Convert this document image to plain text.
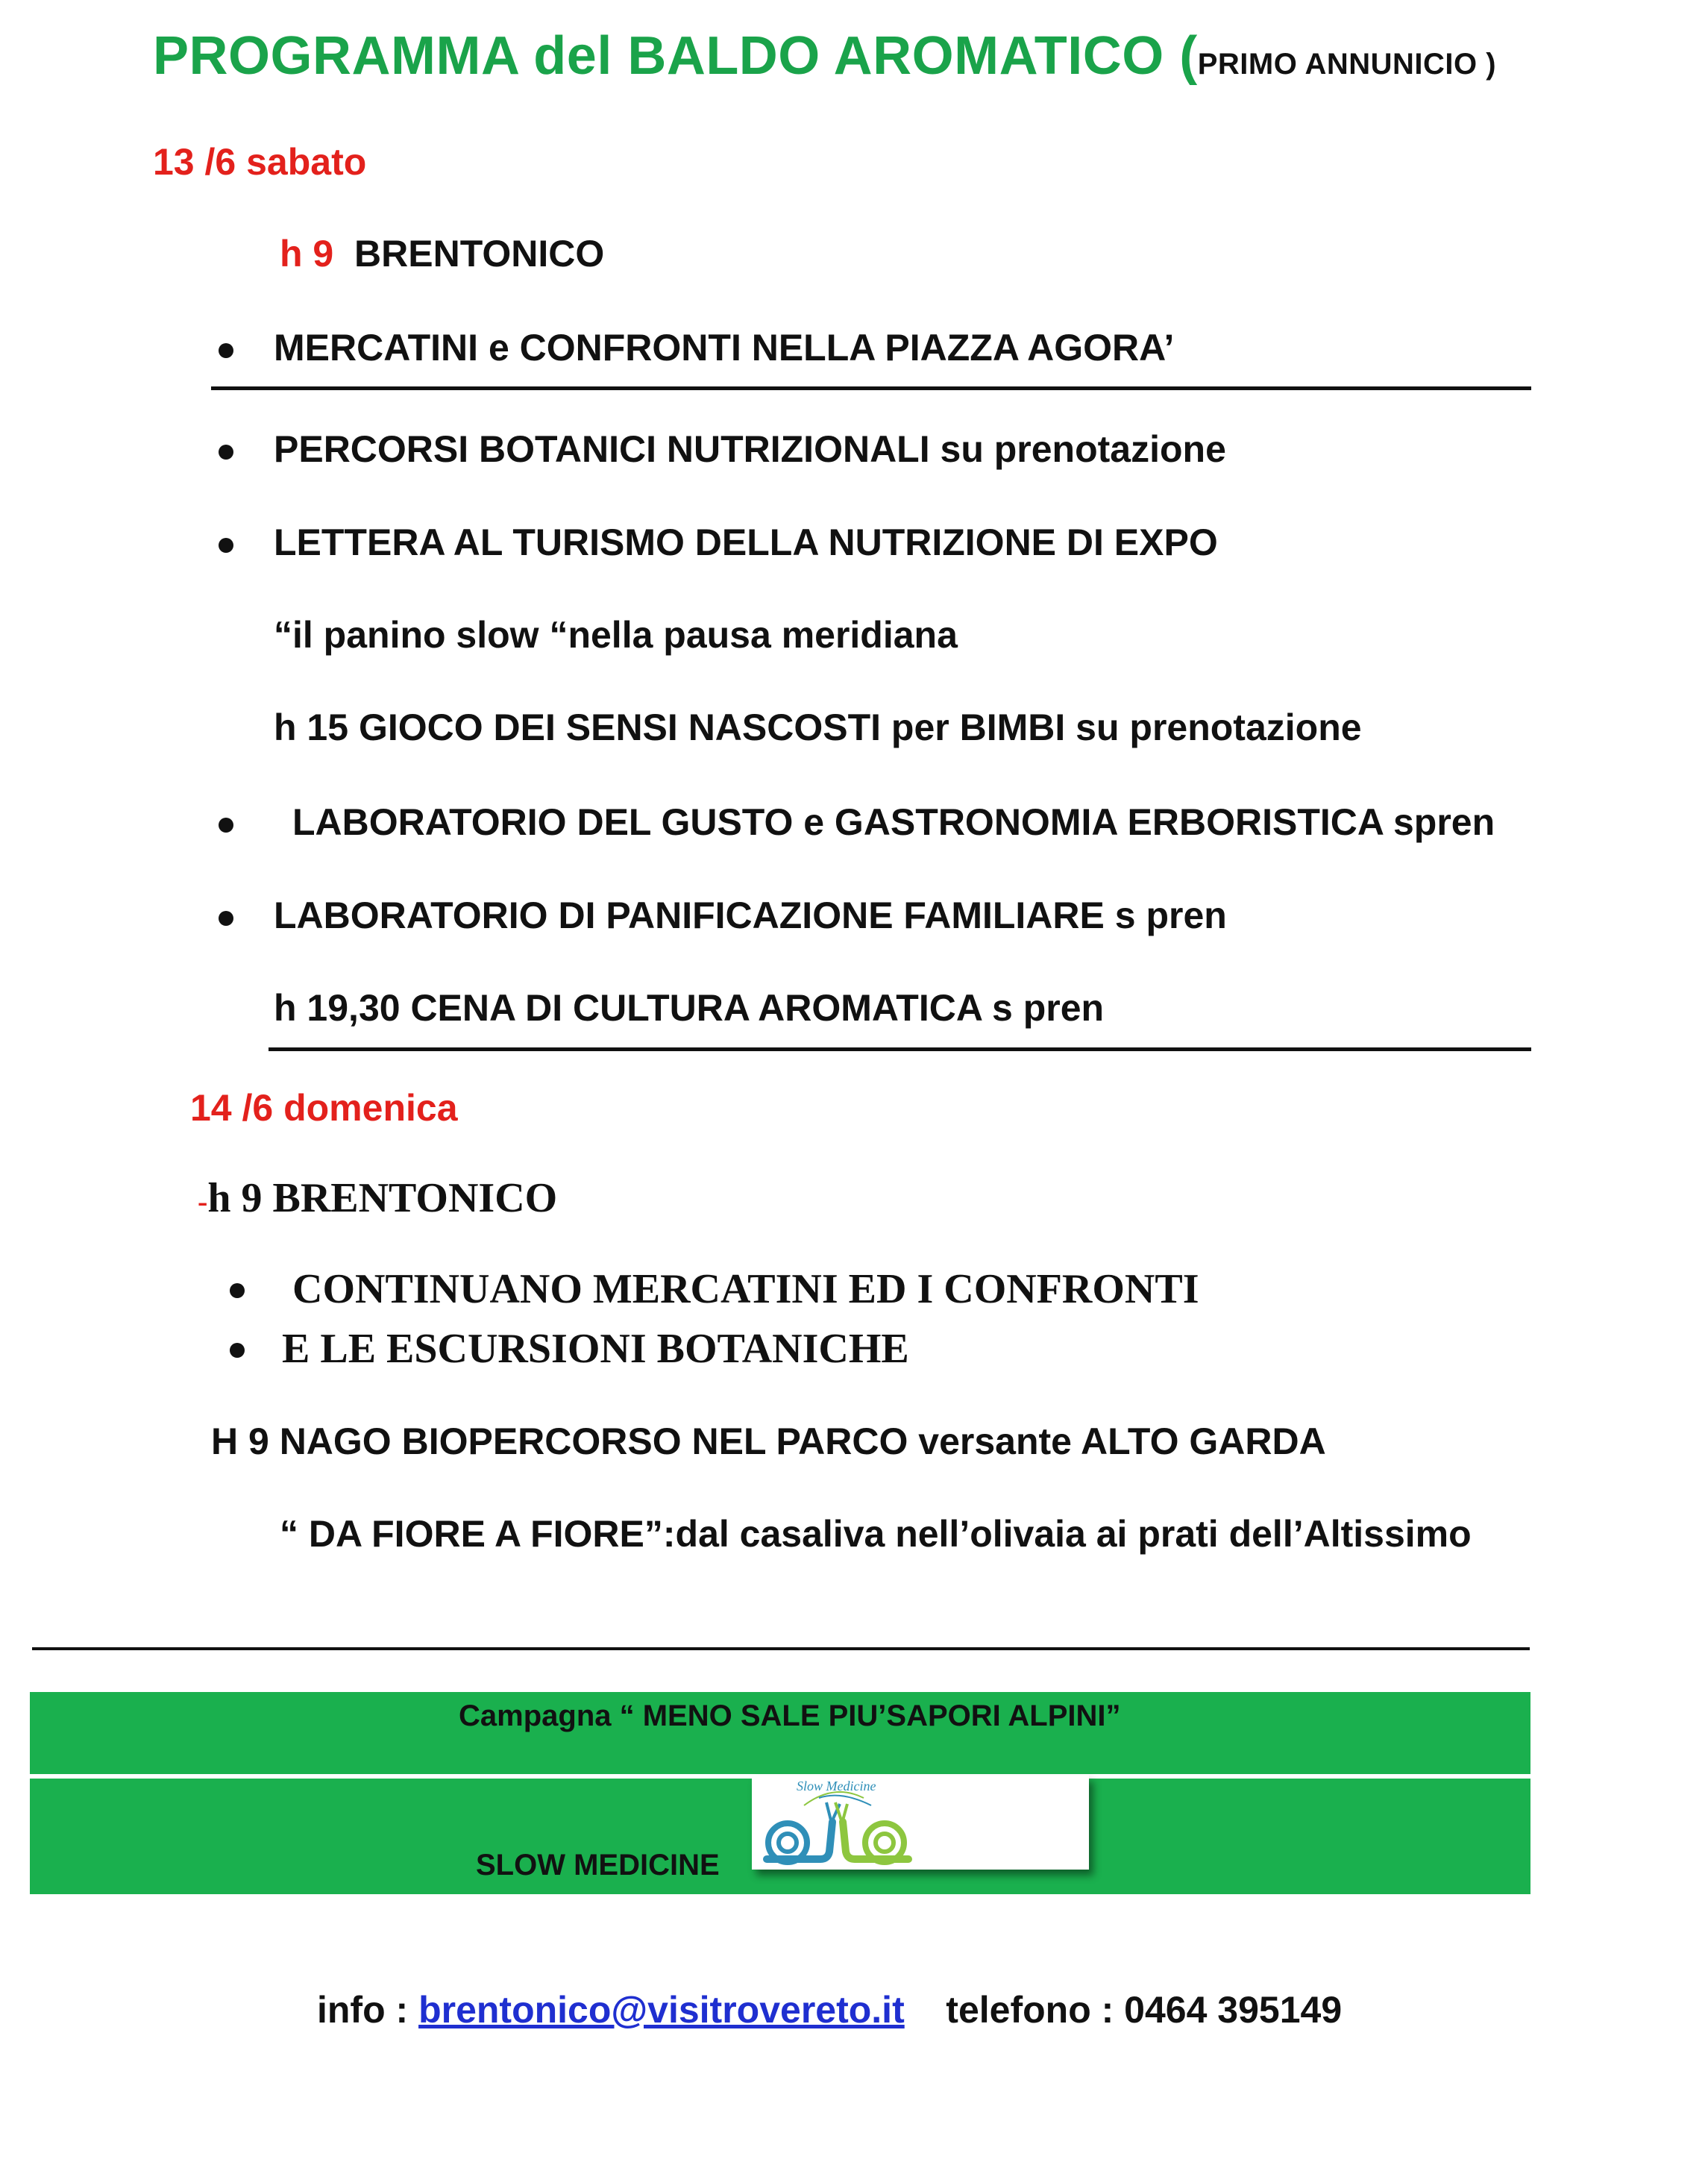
PROGRAMMA del BALDO AROMATICO (PRIMO ANNUNICIO )
13 /6 sabato
h 9 BRENTONICO
MERCATINI e CONFRONTI NELLA PIAZZA AGORA’
PERCORSI BOTANICI NUTRIZIONALI su prenotazione
LETTERA AL TURISMO DELLA NUTRIZIONE DI EXPO
“il panino slow “nella pausa meridiana
h 15 GIOCO DEI SENSI NASCOSTI per BIMBI su prenotazione
LABORATORIO DEL GUSTO e GASTRONOMIA ERBORISTICA spren
LABORATORIO DI PANIFICAZIONE FAMILIARE s pren
h 19,30 CENA DI CULTURA AROMATICA s pren
14 /6 domenica
-h 9 BRENTONICO
CONTINUANO MERCATINI ED I CONFRONTI
E LE ESCURSIONI BOTANICHE
H 9 NAGO BIOPERCORSO NEL PARCO versante ALTO GARDA
“ DA FIORE A FIORE”:dal casaliva nell’olivaia ai prati dell’Altissimo
Campagna “ MENO SALE PIU’SAPORI ALPINI”
SLOW MEDICINE
Slow Medicine
info : brentonico@visitrovereto.it telefono : 0464 395149
